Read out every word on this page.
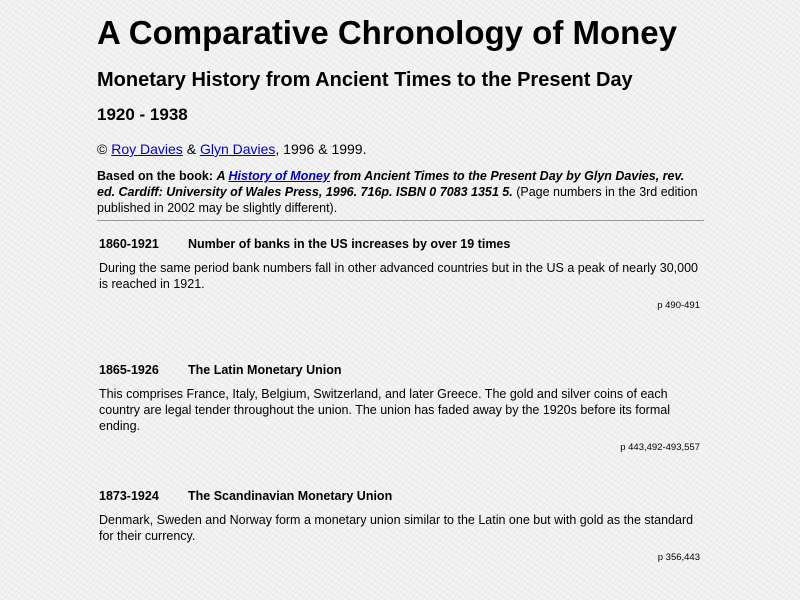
A Comparative Chronology of Money
Monetary History from Ancient Times to the Present Day
1920 - 1938
© Roy Davies & Glyn Davies, 1996 & 1999.
Based on the book: A History of Money from Ancient Times to the Present Day by Glyn Davies, rev. ed. Cardiff: University of Wales Press, 1996. 716p. ISBN 0 7083 1351 5. (Page numbers in the 3rd edition published in 2002 may be slightly different).
1860-1921 Number of banks in the US increases by over 19 times
During the same period bank numbers fall in other advanced countries but in the US a peak of nearly 30,000 is reached in 1921.
p 490-491
1865-1926 The Latin Monetary Union
This comprises France, Italy, Belgium, Switzerland, and later Greece. The gold and silver coins of each country are legal tender throughout the union. The union has faded away by the 1920s before its formal ending.
p 443,492-493,557
1873-1924 The Scandinavian Monetary Union
Denmark, Sweden and Norway form a monetary union similar to the Latin one but with gold as the standard for their currency.
p 356,443
